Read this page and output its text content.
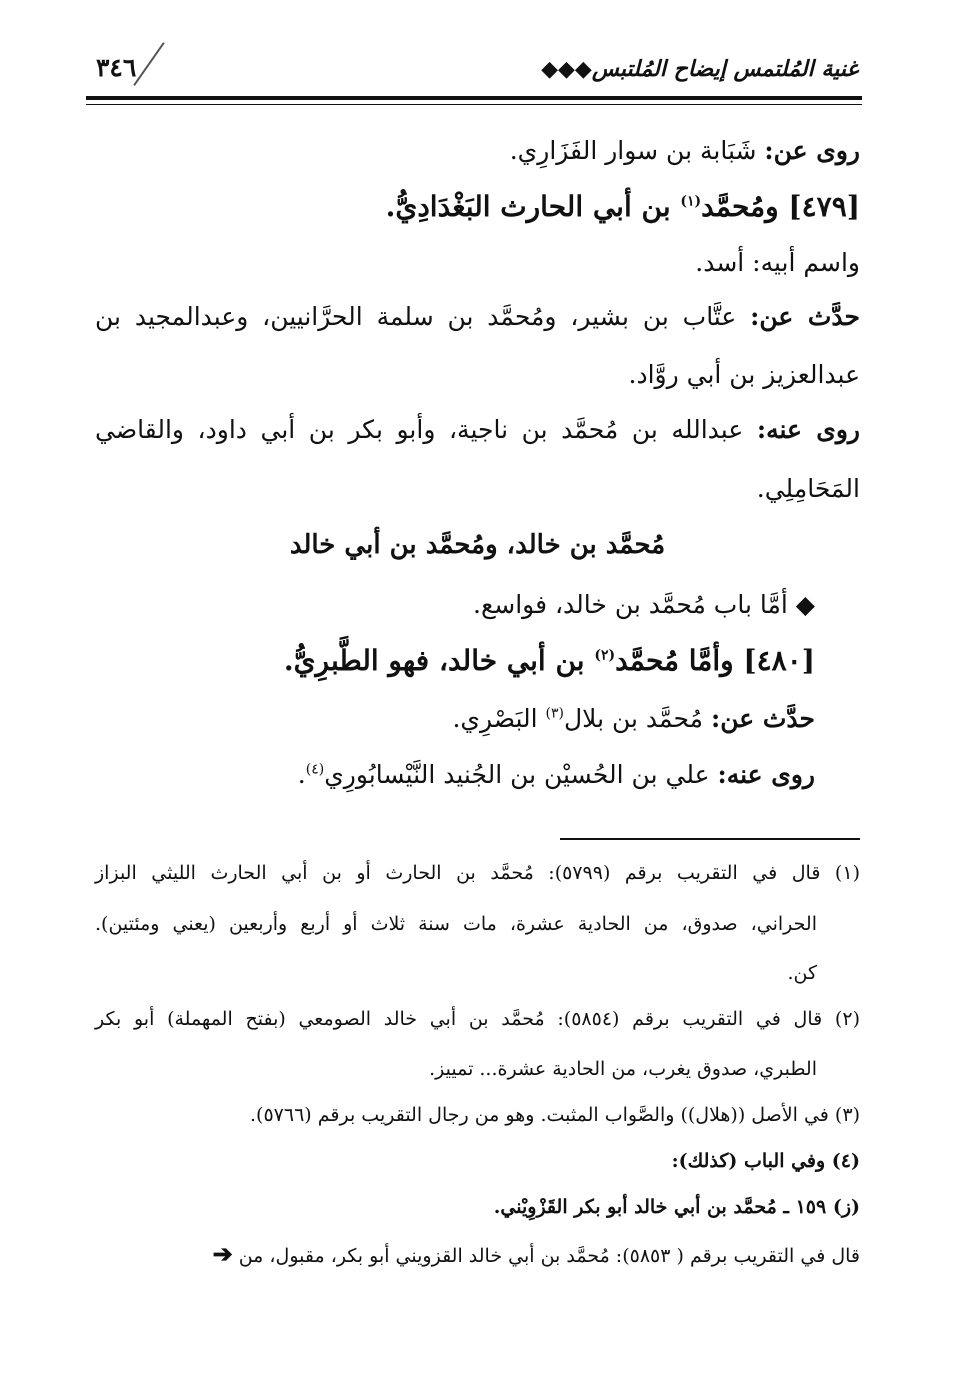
٣٤٦	غنية المُلتمس إيضاح المُلتبس◆◆◆
روى عن: شَبَابة بن سوار الفَزَارِي.
[٤٧٩] ومُحمَّد$^{(١)}$ بن أبي الحارث البَغْدَادِيُّ.
واسم أبيه: أسد.
حدَّث عن: عتَّاب بن بشير، ومُحمَّد بن سلمة الحرَّانيين، وعبدالمجيد بن
عبدالعزيز بن أبي روَّاد.
روى عنه: عبدالله بن مُحمَّد بن ناجية، وأبو بكر بن أبي داود، والقاضي
المَحَامِلِي.
مُحمَّد بن خالد، ومُحمَّد بن أبي خالد
◆ أمَّا باب مُحمَّد بن خالد، فواسع.
[٤٨٠] وأمَّا مُحمَّد$^{(٢)}$ بن أبي خالد، فهو الطَّبرِيُّ.
حدَّث عن: مُحمَّد بن بلال$^{(٣)}$ البَصْرِي.
روى عنه: علي بن الحُسيْن بن الجُنيد النَّيْسابُورِي$^{(٤)}$.
(١) قال في التقريب برقم (٥٧٩٩): مُحمَّد بن الحارث أو بن أبي الحارث الليثي البزاز
الحراني، صدوق، من الحادية عشرة، مات سنة ثلاث أو أربع وأربعين (يعني ومئتين).
كن.
(٢) قال في التقريب برقم (٥٨٥٤): مُحمَّد بن أبي خالد الصومعي (بفتح المهملة) أبو بكر
الطبري، صدوق يغرب، من الحادية عشرة... تمييز.
(٣) في الأصل ((هلال)) والصَّواب المثبت. وهو من رجال التقريب برقم (٥٧٦٦).
(٤) وفي الباب (كذلك):
(ز) ١٥٩ ـ مُحمَّد بن أبي خالد أبو بكر القَزْوِيْني.
قال في التقريب برقم ( ٥٨٥٣): مُحمَّد بن أبي خالد القزويني أبو بكر، مقبول، من➔
